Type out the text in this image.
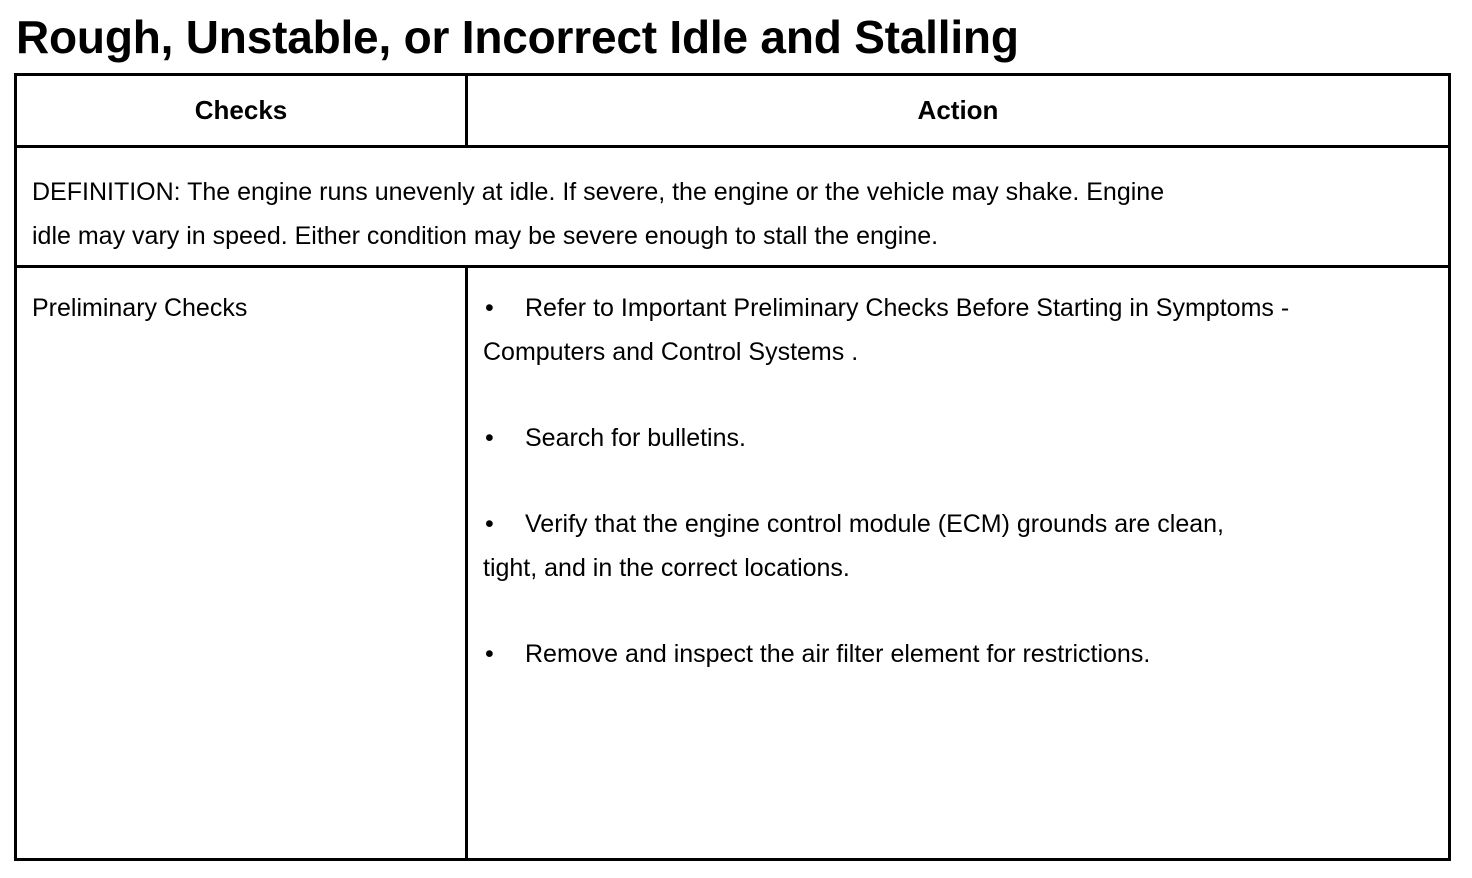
Rough, Unstable, or Incorrect Idle and Stalling
Checks	Action
DEFINITION: The engine runs unevenly at idle. If severe, the engine or the vehicle may shake. Engine
idle may vary in speed. Either condition may be severe enough to stall the engine.
Preliminary Checks	• Refer to Important Preliminary Checks Before Starting in Symptoms -
Computers and Control Systems .
• Search for bulletins.
• Verify that the engine control module (ECM) grounds are clean,
tight, and in the correct locations.
• Remove and inspect the air filter element for restrictions.
